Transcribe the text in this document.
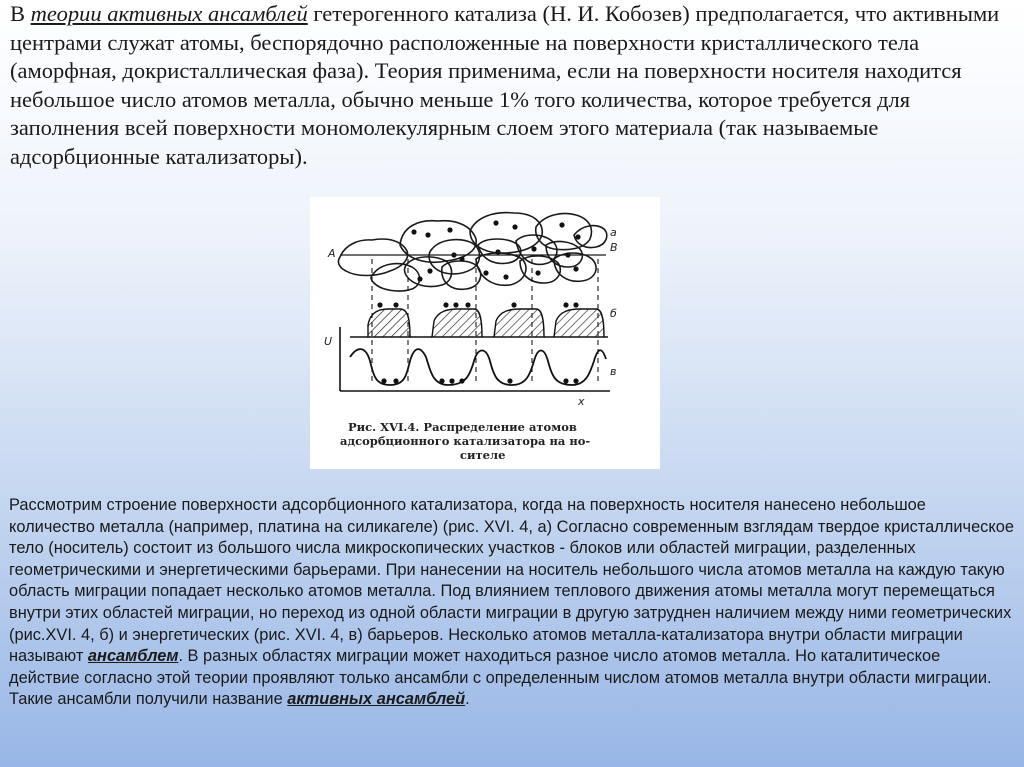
В теории активных ансамблей гетерогенного катализа (Н. И. Кобозев) предполагается, что активными центрами служат атомы, беспорядочно расположенные на поверхности кристаллического тела (аморфная, докристаллическая фаза). Теория применима, если на поверхности носителя находится небольшое число атомов металла, обычно меньше 1% того количества, которое требуется для заполнения всей поверхности мономолекулярным слоем этого материала (так называемые адсорбционные катализаторы).

А	В
а
б
U
x
в
Рис. XVI.4. Распределение атомов
адсорбционного катализатора на но-
сителе

Рассмотрим строение поверхности адсорбционного катализатора, когда на поверхность носителя нанесено небольшое количество металла (например, платина на силикагеле) (рис. XVI. 4, а) Согласно современным взглядам твердое кристаллическое тело (носитель) состоит из большого числа микроскопических участков - блоков или областей миграции, разделенных геометрическими и энергетическими барьерами. При нанесении на носитель небольшого числа атомов металла на каждую такую область миграции попадает несколько атомов металла. Под влиянием теплового движения атомы металла могут перемещаться внутри этих областей миграции, но переход из одной области миграции в другую затруднен наличием между ними геометрических (рис.XVI. 4, б) и энергетических (рис. XVI. 4, в) барьеров. Несколько атомов металла-катализатора внутри области миграции называют ансамблем. В разных областях миграции может находиться разное число атомов металла. Но каталитическое действие согласно этой теории проявляют только ансамбли с определенным числом атомов металла внутри области миграции. Такие ансамбли получили название активных ансамблей.
